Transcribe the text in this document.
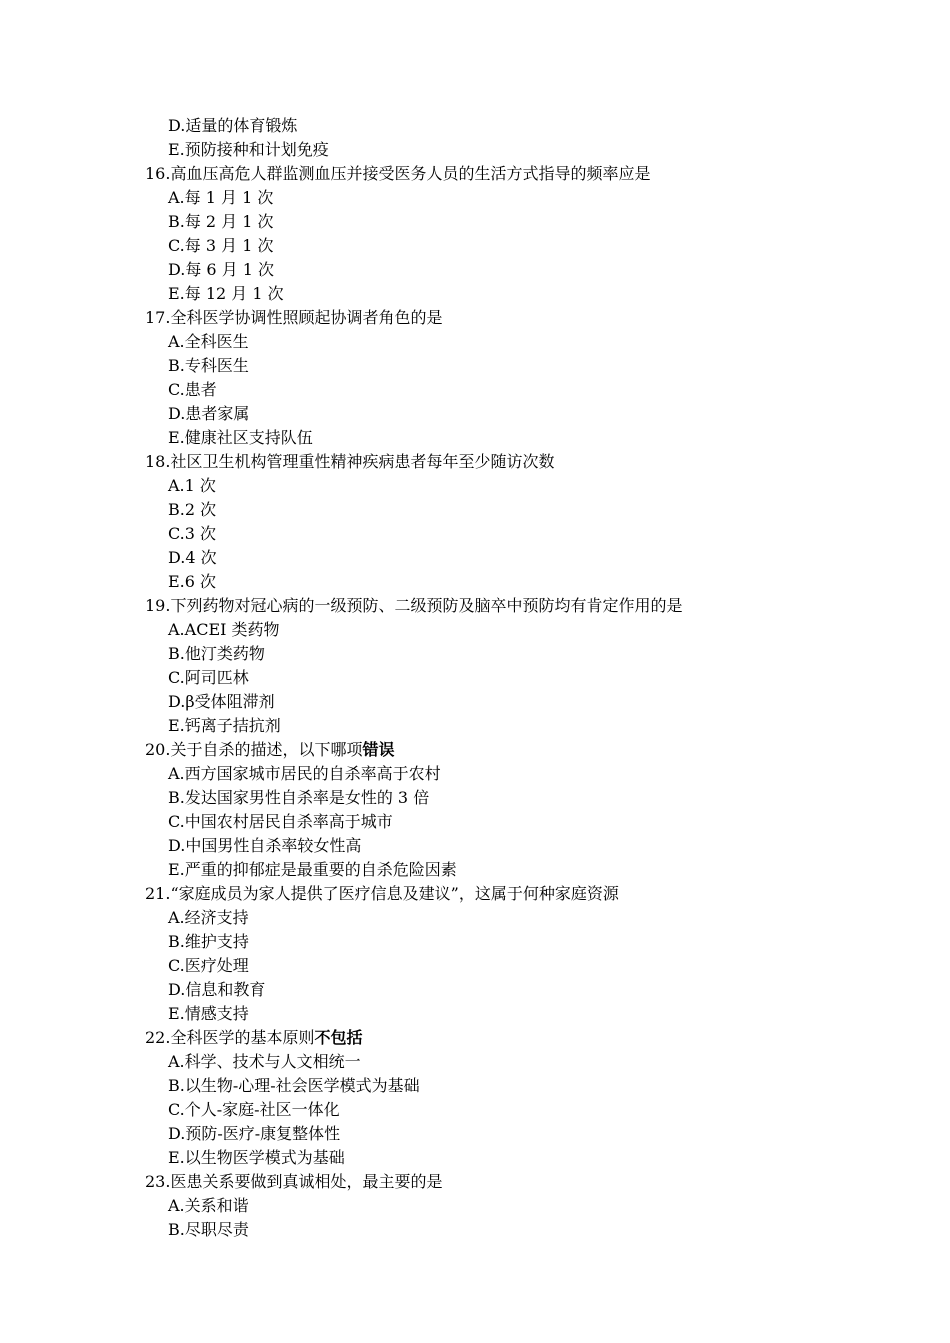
D.适量的体育锻炼
E.预防接种和计划免疫
16.高血压高危人群监测血压并接受医务人员的生活方式指导的频率应是
A.每 1 月 1 次
B.每 2 月 1 次
C.每 3 月 1 次
D.每 6 月 1 次
E.每 12 月 1 次
17.全科医学协调性照顾起协调者角色的是
A.全科医生
B.专科医生
C.患者
D.患者家属
E.健康社区支持队伍
18.社区卫生机构管理重性精神疾病患者每年至少随访次数
A.1 次
B.2 次
C.3 次
D.4 次
E.6 次
19.下列药物对冠心病的一级预防、二级预防及脑卒中预防均有肯定作用的是
A.ACEI 类药物
B.他汀类药物
C.阿司匹林
D.β受体阻滞剂
E.钙离子拮抗剂
20.关于自杀的描述，以下哪项错误
A.西方国家城市居民的自杀率高于农村
B.发达国家男性自杀率是女性的 3 倍
C.中国农村居民自杀率高于城市
D.中国男性自杀率较女性高
E.严重的抑郁症是最重要的自杀危险因素
21.“家庭成员为家人提供了医疗信息及建议”，这属于何种家庭资源
A.经济支持
B.维护支持
C.医疗处理
D.信息和教育
E.情感支持
22.全科医学的基本原则不包括
A.科学、技术与人文相统一
B.以生物-心理-社会医学模式为基础
C.个人-家庭-社区一体化
D.预防-医疗-康复整体性
E.以生物医学模式为基础
23.医患关系要做到真诚相处，最主要的是
A.关系和谐
B.尽职尽责
